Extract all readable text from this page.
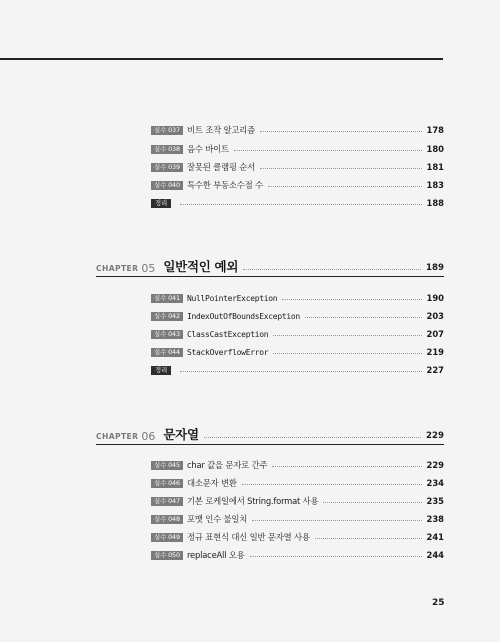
실수 037 비트 조작 알고리즘	178
실수 038 음수 바이트	180
실수 039 잘못된 클램핑 순서	181
실수 040 특수한 부동소수점 수	183
정리	188
CHAPTER 05 일반적인 예외	189
실수 041 NullPointerException	190
실수 042 IndexOutOfBoundsException	203
실수 043 ClassCastException	207
실수 044 StackOverflowError	219
정리	227
CHAPTER 06 문자열	229
실수 045 char 값을 문자로 간주	229
실수 046 대소문자 변환	234
실수 047 기본 로케일에서 String.format 사용	235
실수 048 포맷 인수 불일치	238
실수 049 정규 표현식 대신 일반 문자열 사용	241
실수 050 replaceAll 오용	244
25
